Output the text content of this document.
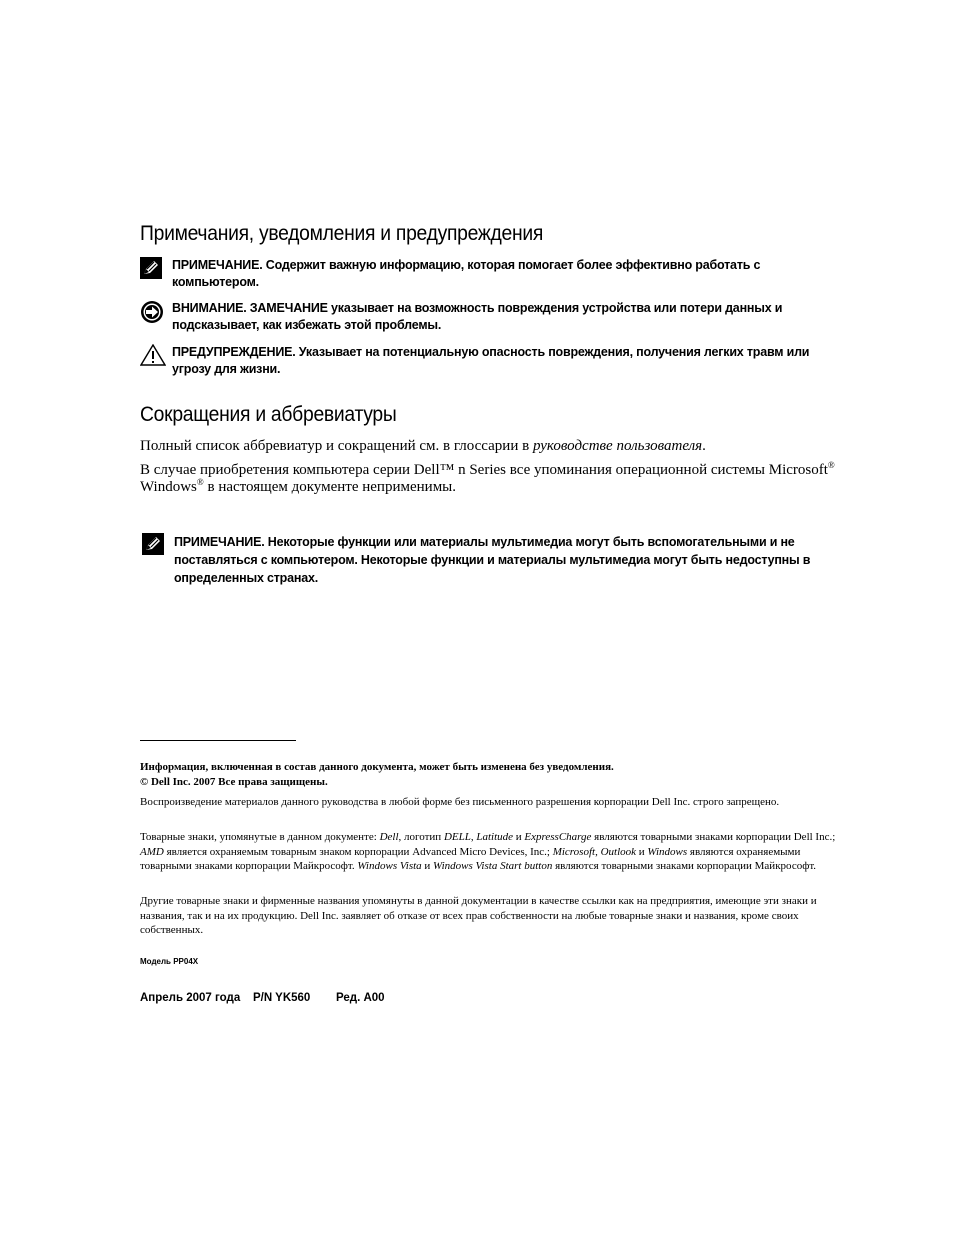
Примечания, уведомления и предупреждения
ПРИМЕЧАНИЕ. Содержит важную информацию, которая помогает более эффективно работать с компьютером.
ВНИМАНИЕ. ЗАМЕЧАНИЕ указывает на возможность повреждения устройства или потери данных и подсказывает, как избежать этой проблемы.
ПРЕДУПРЕЖДЕНИЕ. Указывает на потенциальную опасность повреждения, получения легких травм или угрозу для жизни.
Сокращения и аббревиатуры
Полный список аббревиатур и сокращений см. в глоссарии в руководстве пользователя.
В случае приобретения компьютера серии Dell™ n Series все упоминания операционной системы Microsoft®
Windows® в настоящем документе неприменимы.
ПРИМЕЧАНИЕ. Некоторые функции или материалы мультимедиа могут быть вспомогательными и не поставляться с компьютером. Некоторые функции и материалы мультимедиа могут быть недоступны в определенных странах.
Информация, включенная в состав данного документа, может быть изменена без уведомления.
© Dell Inc. 2007 Все права защищены.
Воспроизведение материалов данного руководства в любой форме без письменного разрешения корпорации Dell Inc. строго запрещено.
Товарные знаки, упомянутые в данном документе: Dell, логотип DELL, Latitude и ExpressCharge являются товарными знаками корпорации Dell Inc.; AMD является охраняемым товарным знаком корпорации Advanced Micro Devices, Inc.; Microsoft, Outlook и Windows являются охраняемыми товарными знаками корпорации Майкрософт. Windows Vista и Windows Vista Start button являются товарными знаками корпорации Майкрософт.
Другие товарные знаки и фирменные названия упомянуты в данной документации в качестве ссылки как на предприятия, имеющие эти знаки и названия, так и на их продукцию. Dell Inc. заявляет об отказе от всех прав собственности на любые товарные знаки и названия, кроме своих собственных.
Модель PP04X
Апрель 2007 года P/N YK560 Ред. A00
